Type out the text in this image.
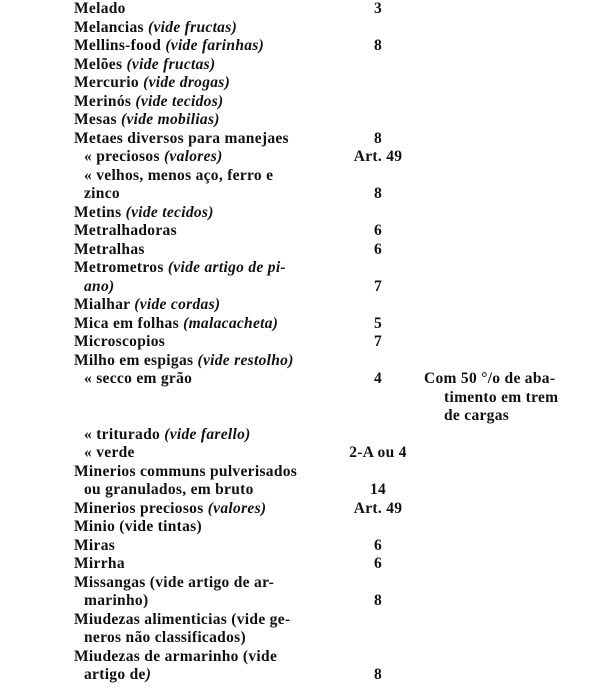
Melado	3
Melancias (vide fructas)
Mellins-food (vide farinhas)	8
Melões (vide fructas)
Mercurio (vide drogas)
Merinós (vide tecidos)
Mesas (vide mobilias)
Metaes diversos para manejaes	8
« preciosos (valores)	Art. 49
« velhos, menos aço, ferro e
zinco	8
Metins (vide tecidos)
Metralhadoras	6
Metralhas	6
Metrometros (vide artigo de pi-
ano)	7
Mialhar (vide cordas)
Mica em folhas (malacacheta)	5
Microscopios	7
Milho em espigas (vide restolho)
« secco em grão	4	Com 50 °/o de aba-
timento em trem
de cargas
« triturado (vide farello)
« verde	2-A ou 4
Minerios communs pulverisados
ou granulados, em bruto	14
Minerios preciosos (valores)	Art. 49
Minio (vide tintas)
Miras	6
Mirrha	6
Missangas (vide artigo de ar-
marinho)	8
Miudezas alimenticias (vide ge-
neros não classificados)
Miudezas de armarinho (vide
artigo de)	8
